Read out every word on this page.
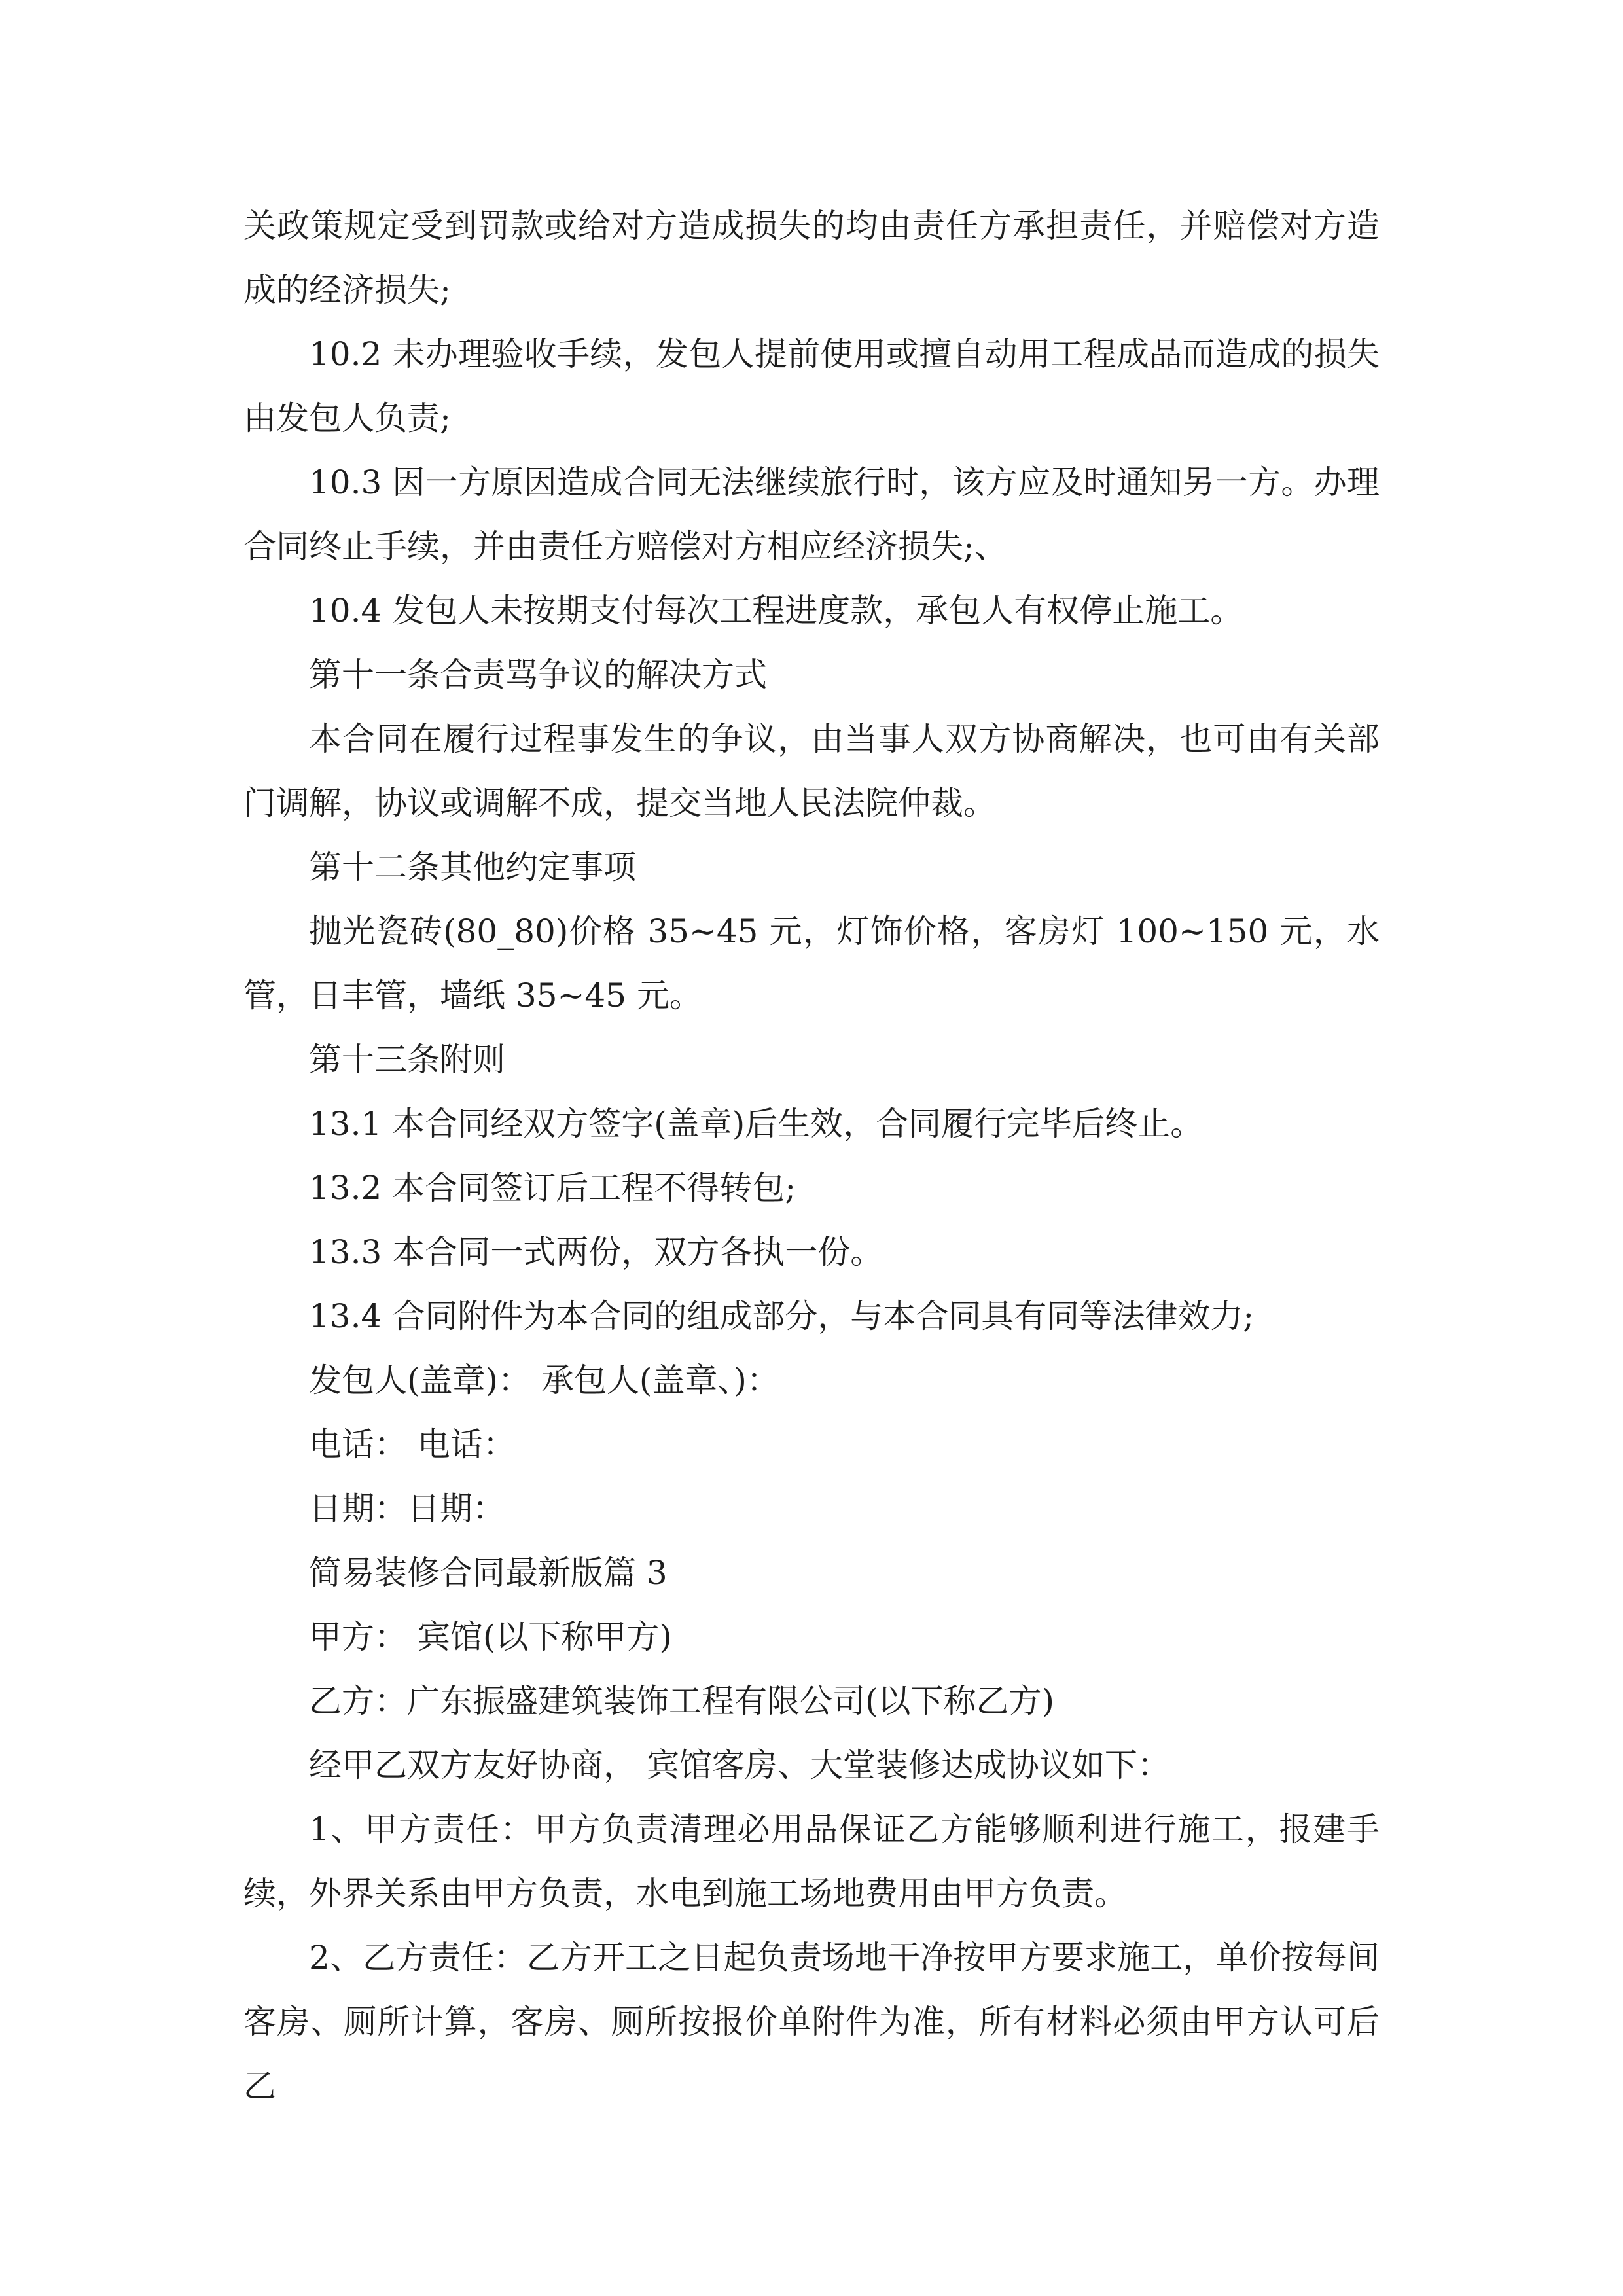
关政策规定受到罚款或给对方造成损失的均由责任方承担责任，并赔偿对方造成的经济损失;

10.2 未办理验收手续，发包人提前使用或擅自动用工程成品而造成的损失由发包人负责;

10.3 因一方原因造成合同无法继续旅行时，该方应及时通知另一方。办理合同终止手续，并由责任方赔偿对方相应经济损失;、

10.4 发包人未按期支付每次工程进度款，承包人有权停止施工。

第十一条合责骂争议的解决方式

本合同在履行过程事发生的争议，由当事人双方协商解决，也可由有关部门调解，协议或调解不成，提交当地人民法院仲裁。

第十二条其他约定事项

抛光瓷砖(80_80)价格 35~45 元，灯饰价格，客房灯 100~150 元，水管，日丰管，墙纸 35~45 元。

第十三条附则

13.1 本合同经双方签字(盖章)后生效，合同履行完毕后终止。

13.2 本合同签订后工程不得转包;

13.3 本合同一式两份，双方各执一份。

13.4 合同附件为本合同的组成部分，与本合同具有同等法律效力;

发包人(盖章)： 承包人(盖章、)：

电话： 电话：

日期：日期：

简易装修合同最新版篇 3

甲方： 宾馆(以下称甲方)

乙方：广东振盛建筑装饰工程有限公司(以下称乙方)

经甲乙双方友好协商， 宾馆客房、大堂装修达成协议如下：

1、甲方责任：甲方负责清理必用品保证乙方能够顺利进行施工，报建手续，外界关系由甲方负责，水电到施工场地费用由甲方负责。

2、乙方责任：乙方开工之日起负责场地干净按甲方要求施工，单价按每间客房、厕所计算，客房、厕所按报价单附件为准，所有材料必须由甲方认可后乙
